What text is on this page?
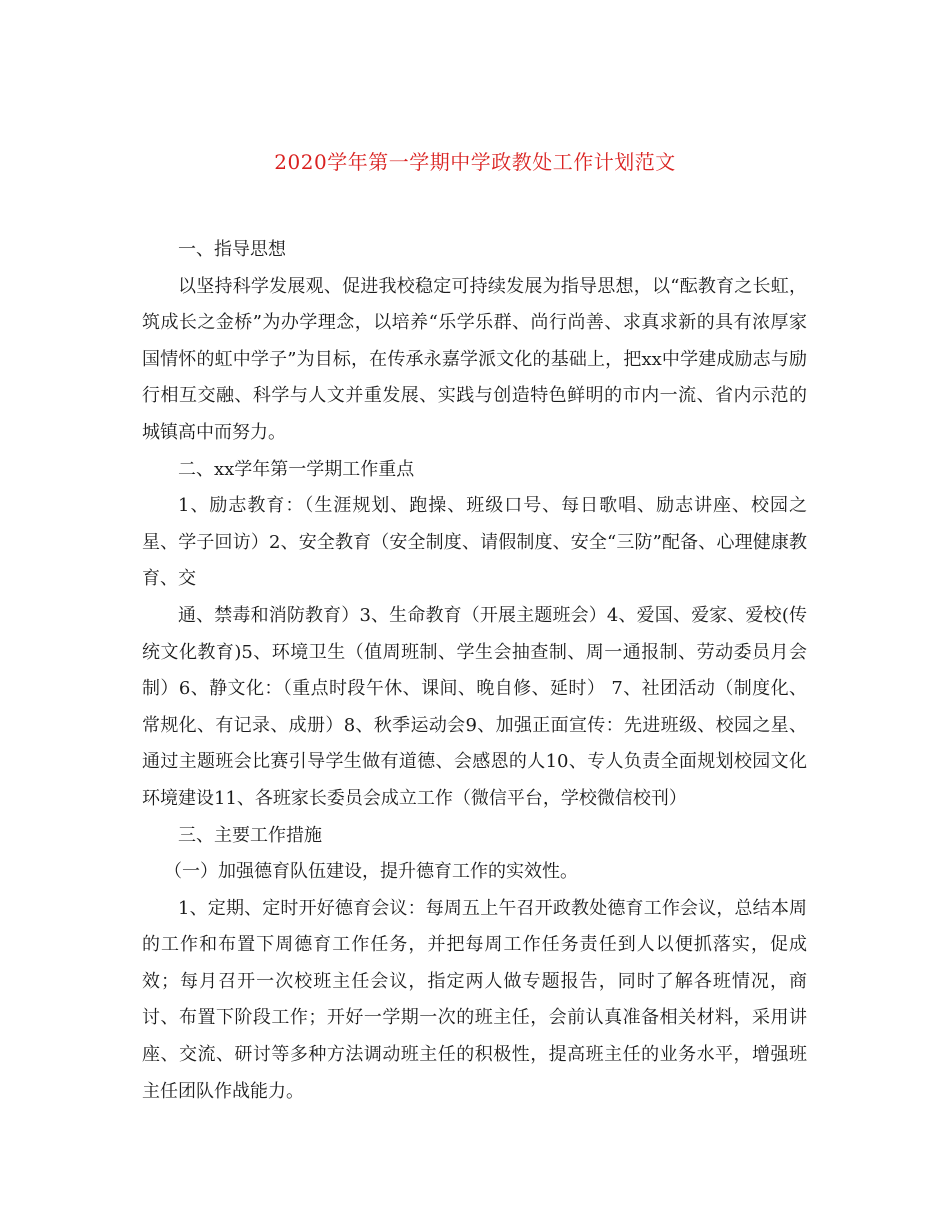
2020学年第一学期中学政教处工作计划范文

一、指导思想

以坚持科学发展观、促进我校稳定可持续发展为指导思想，以“酝教育之长虹，筑成长之金桥”为办学理念，以培养“乐学乐群、尚行尚善、求真求新的具有浓厚家国情怀的虹中学子”为目标，在传承永嘉学派文化的基础上，把xx中学建成励志与励行相互交融、科学与人文并重发展、实践与创造特色鲜明的市内一流、省内示范的城镇高中而努力。

二、xx学年第一学期工作重点

1、励志教育：（生涯规划、跑操、班级口号、每日歌唱、励志讲座、校园之星、学子回访）2、安全教育（安全制度、请假制度、安全“三防”配备、心理健康教育、交

通、禁毒和消防教育）3、生命教育（开展主题班会）4、爱国、爱家、爱校(传统文化教育)5、环境卫生（值周班制、学生会抽查制、周一通报制、劳动委员月会制）6、静文化：（重点时段午休、课间、晚自修、延时） 7、社团活动（制度化、常规化、有记录、成册）8、秋季运动会9、加强正面宣传：先进班级、校园之星、通过主题班会比赛引导学生做有道德、会感恩的人10、专人负责全面规划校园文化环境建设11、各班家长委员会成立工作（微信平台，学校微信校刊）

三、主要工作措施

（一）加强德育队伍建设，提升德育工作的实效性。

1、定期、定时开好德育会议：每周五上午召开政教处德育工作会议，总结本周的工作和布置下周德育工作任务，并把每周工作任务责任到人以便抓落实，促成效；每月召开一次校班主任会议，指定两人做专题报告，同时了解各班情况，商讨、布置下阶段工作；开好一学期一次的班主任，会前认真准备相关材料，采用讲座、交流、研讨等多种方法调动班主任的积极性，提高班主任的业务水平，增强班主任团队作战能力。
